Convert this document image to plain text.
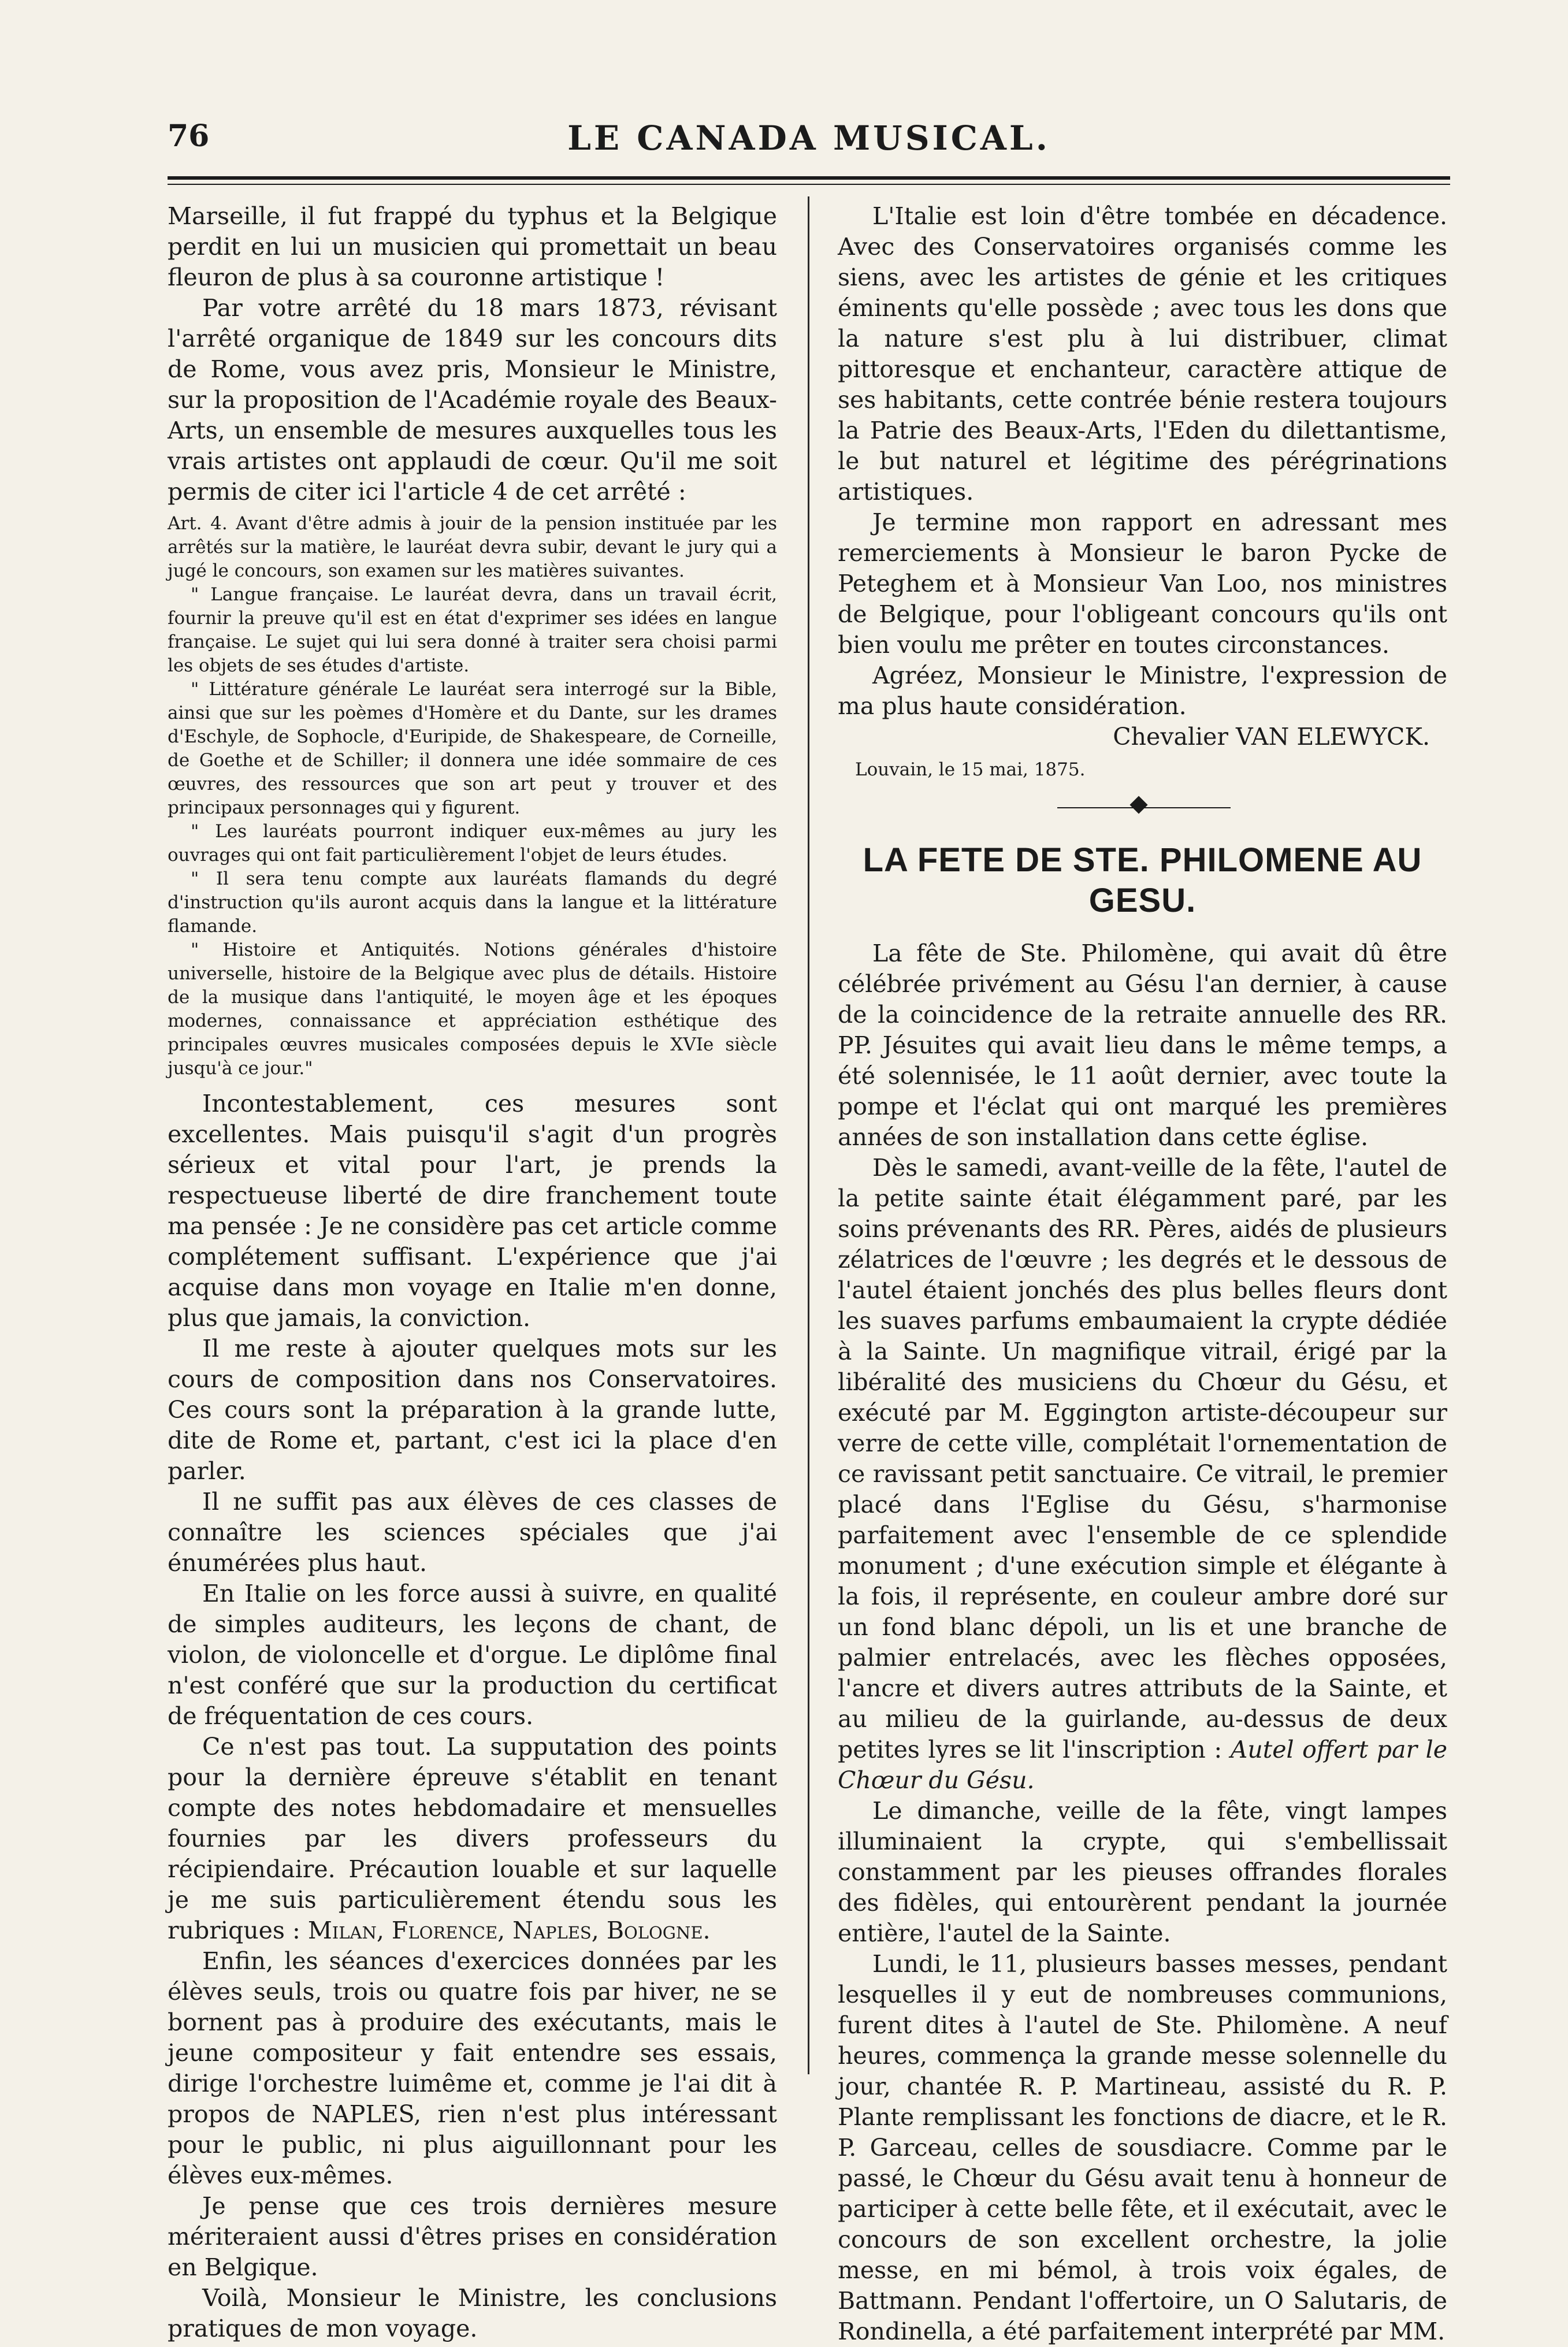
76	LE CANADA MUSICAL.

Marseille, il fut frappé du typhus et la Belgique perdit en lui un musicien qui promettait un beau fleuron de plus à sa couronne artistique !

Par votre arrêté du 18 mars 1873, révisant l'arrêté organique de 1849 sur les concours dits de Rome, vous avez pris, Monsieur le Ministre, sur la proposition de l'Académie royale des Beaux-Arts, un ensemble de mesures auxquelles tous les vrais artistes ont applaudi de cœur. Qu'il me soit permis de citer ici l'article 4 de cet arrêté :

Art. 4. Avant d'être admis à jouir de la pension instituée par les arrêtés sur la matière, le lauréat devra subir, devant le jury qui a jugé le concours, son examen sur les matières suivantes.

" Langue française. Le lauréat devra, dans un travail écrit, fournir la preuve qu'il est en état d'exprimer ses idées en langue française. Le sujet qui lui sera donné à traiter sera choisi parmi les objets de ses études d'artiste.

" Littérature générale Le lauréat sera interrogé sur la Bible, ainsi que sur les poèmes d'Homère et du Dante, sur les drames d'Eschyle, de Sophocle, d'Euripide, de Shakespeare, de Corneille, de Goethe et de Schiller; il donnera une idée sommaire de ces œuvres, des ressources que son art peut y trouver et des principaux personnages qui y figurent.

" Les lauréats pourront indiquer eux-mêmes au jury les ouvrages qui ont fait particulièrement l'objet de leurs études.

" Il sera tenu compte aux lauréats flamands du degré d'instruction qu'ils auront acquis dans la langue et la littérature flamande.

" Histoire et Antiquités. Notions générales d'histoire universelle, histoire de la Belgique avec plus de détails. Histoire de la musique dans l'antiquité, le moyen âge et les époques modernes, connaissance et appréciation esthétique des principales œuvres musicales composées depuis le XVIe siècle jusqu'à ce jour."

Incontestablement, ces mesures sont excellentes. Mais puisqu'il s'agit d'un progrès sérieux et vital pour l'art, je prends la respectueuse liberté de dire franchement toute ma pensée : Je ne considère pas cet article comme complétement suffisant. L'expérience que j'ai acquise dans mon voyage en Italie m'en donne, plus que jamais, la conviction.

Il me reste à ajouter quelques mots sur les cours de composition dans nos Conservatoires. Ces cours sont la préparation à la grande lutte, dite de Rome et, partant, c'est ici la place d'en parler.

Il ne suffit pas aux élèves de ces classes de connaître les sciences spéciales que j'ai énumérées plus haut.

En Italie on les force aussi à suivre, en qualité de simples auditeurs, les leçons de chant, de violon, de violoncelle et d'orgue. Le diplôme final n'est conféré que sur la production du certificat de fréquentation de ces cours.

Ce n'est pas tout. La supputation des points pour la dernière épreuve s'établit en tenant compte des notes hebdomadaire et mensuelles fournies par les divers professeurs du récipiendaire. Précaution louable et sur laquelle je me suis particulièrement étendu sous les rubriques : Milan, Florence, Naples, Bologne.

Enfin, les séances d'exercices données par les élèves seuls, trois ou quatre fois par hiver, ne se bornent pas à produire des exécutants, mais le jeune compositeur y fait entendre ses essais, dirige l'orchestre luimême et, comme je l'ai dit à propos de NAPLES, rien n'est plus intéressant pour le public, ni plus aiguillonnant pour les élèves eux-mêmes.

Je pense que ces trois dernières mesure mériteraient aussi d'êtres prises en considération en Belgique.

Voilà, Monsieur le Ministre, les conclusions pratiques de mon voyage.

L'Italie est loin d'être tombée en décadence. Avec des Conservatoires organisés comme les siens, avec les artistes de génie et les critiques éminents qu'elle possède ; avec tous les dons que la nature s'est plu à lui distribuer, climat pittoresque et enchanteur, caractère attique de ses habitants, cette contrée bénie restera toujours la Patrie des Beaux-Arts, l'Eden du dilettantisme, le but naturel et légitime des pérégrinations artistiques.

Je termine mon rapport en adressant mes remerciements à Monsieur le baron Pycke de Peteghem et à Monsieur Van Loo, nos ministres de Belgique, pour l'obligeant concours qu'ils ont bien voulu me prêter en toutes circonstances.

Agréez, Monsieur le Ministre, l'expression de ma plus haute considération.

Chevalier VAN ELEWYCK.

Louvain, le 15 mai, 1875.

LA FETE DE STE. PHILOMENE AU GESU.

La fête de Ste. Philomène, qui avait dû être célébrée privément au Gésu l'an dernier, à cause de la coincidence de la retraite annuelle des RR. PP. Jésuites qui avait lieu dans le même temps, a été solennisée, le 11 août dernier, avec toute la pompe et l'éclat qui ont marqué les premières années de son installation dans cette église.

Dès le samedi, avant-veille de la fête, l'autel de la petite sainte était élégamment paré, par les soins prévenants des RR. Pères, aidés de plusieurs zélatrices de l'œuvre ; les degrés et le dessous de l'autel étaient jonchés des plus belles fleurs dont les suaves parfums embaumaient la crypte dédiée à la Sainte. Un magnifique vitrail, érigé par la libéralité des musiciens du Chœur du Gésu, et exécuté par M. Eggington artiste-découpeur sur verre de cette ville, complétait l'ornementation de ce ravissant petit sanctuaire. Ce vitrail, le premier placé dans l'Eglise du Gésu, s'harmonise parfaitement avec l'ensemble de ce splendide monument ; d'une exécution simple et élégante à la fois, il représente, en couleur ambre doré sur un fond blanc dépoli, un lis et une branche de palmier entrelacés, avec les flèches opposées, l'ancre et divers autres attributs de la Sainte, et au milieu de la guirlande, au-dessus de deux petites lyres se lit l'inscription : Autel offert par le Chœur du Gésu.

Le dimanche, veille de la fête, vingt lampes illuminaient la crypte, qui s'embellissait constamment par les pieuses offrandes florales des fidèles, qui entourèrent pendant la journée entière, l'autel de la Sainte.

Lundi, le 11, plusieurs basses messes, pendant lesquelles il y eut de nombreuses communions, furent dites à l'autel de Ste. Philomène. A neuf heures, commença la grande messe solennelle du jour, chantée R. P. Martineau, assisté du R. P. Plante remplissant les fonctions de diacre, et le R. P. Garceau, celles de sousdiacre. Comme par le passé, le Chœur du Gésu avait tenu à honneur de participer à cette belle fête, et il exécutait, avec le concours de son excellent orchestre, la jolie messe, en mi bémol, à trois voix égales, de Battmann. Pendant l'offertoire, un O Salutaris, de Rondinella, a été parfaitement interprété par MM.
